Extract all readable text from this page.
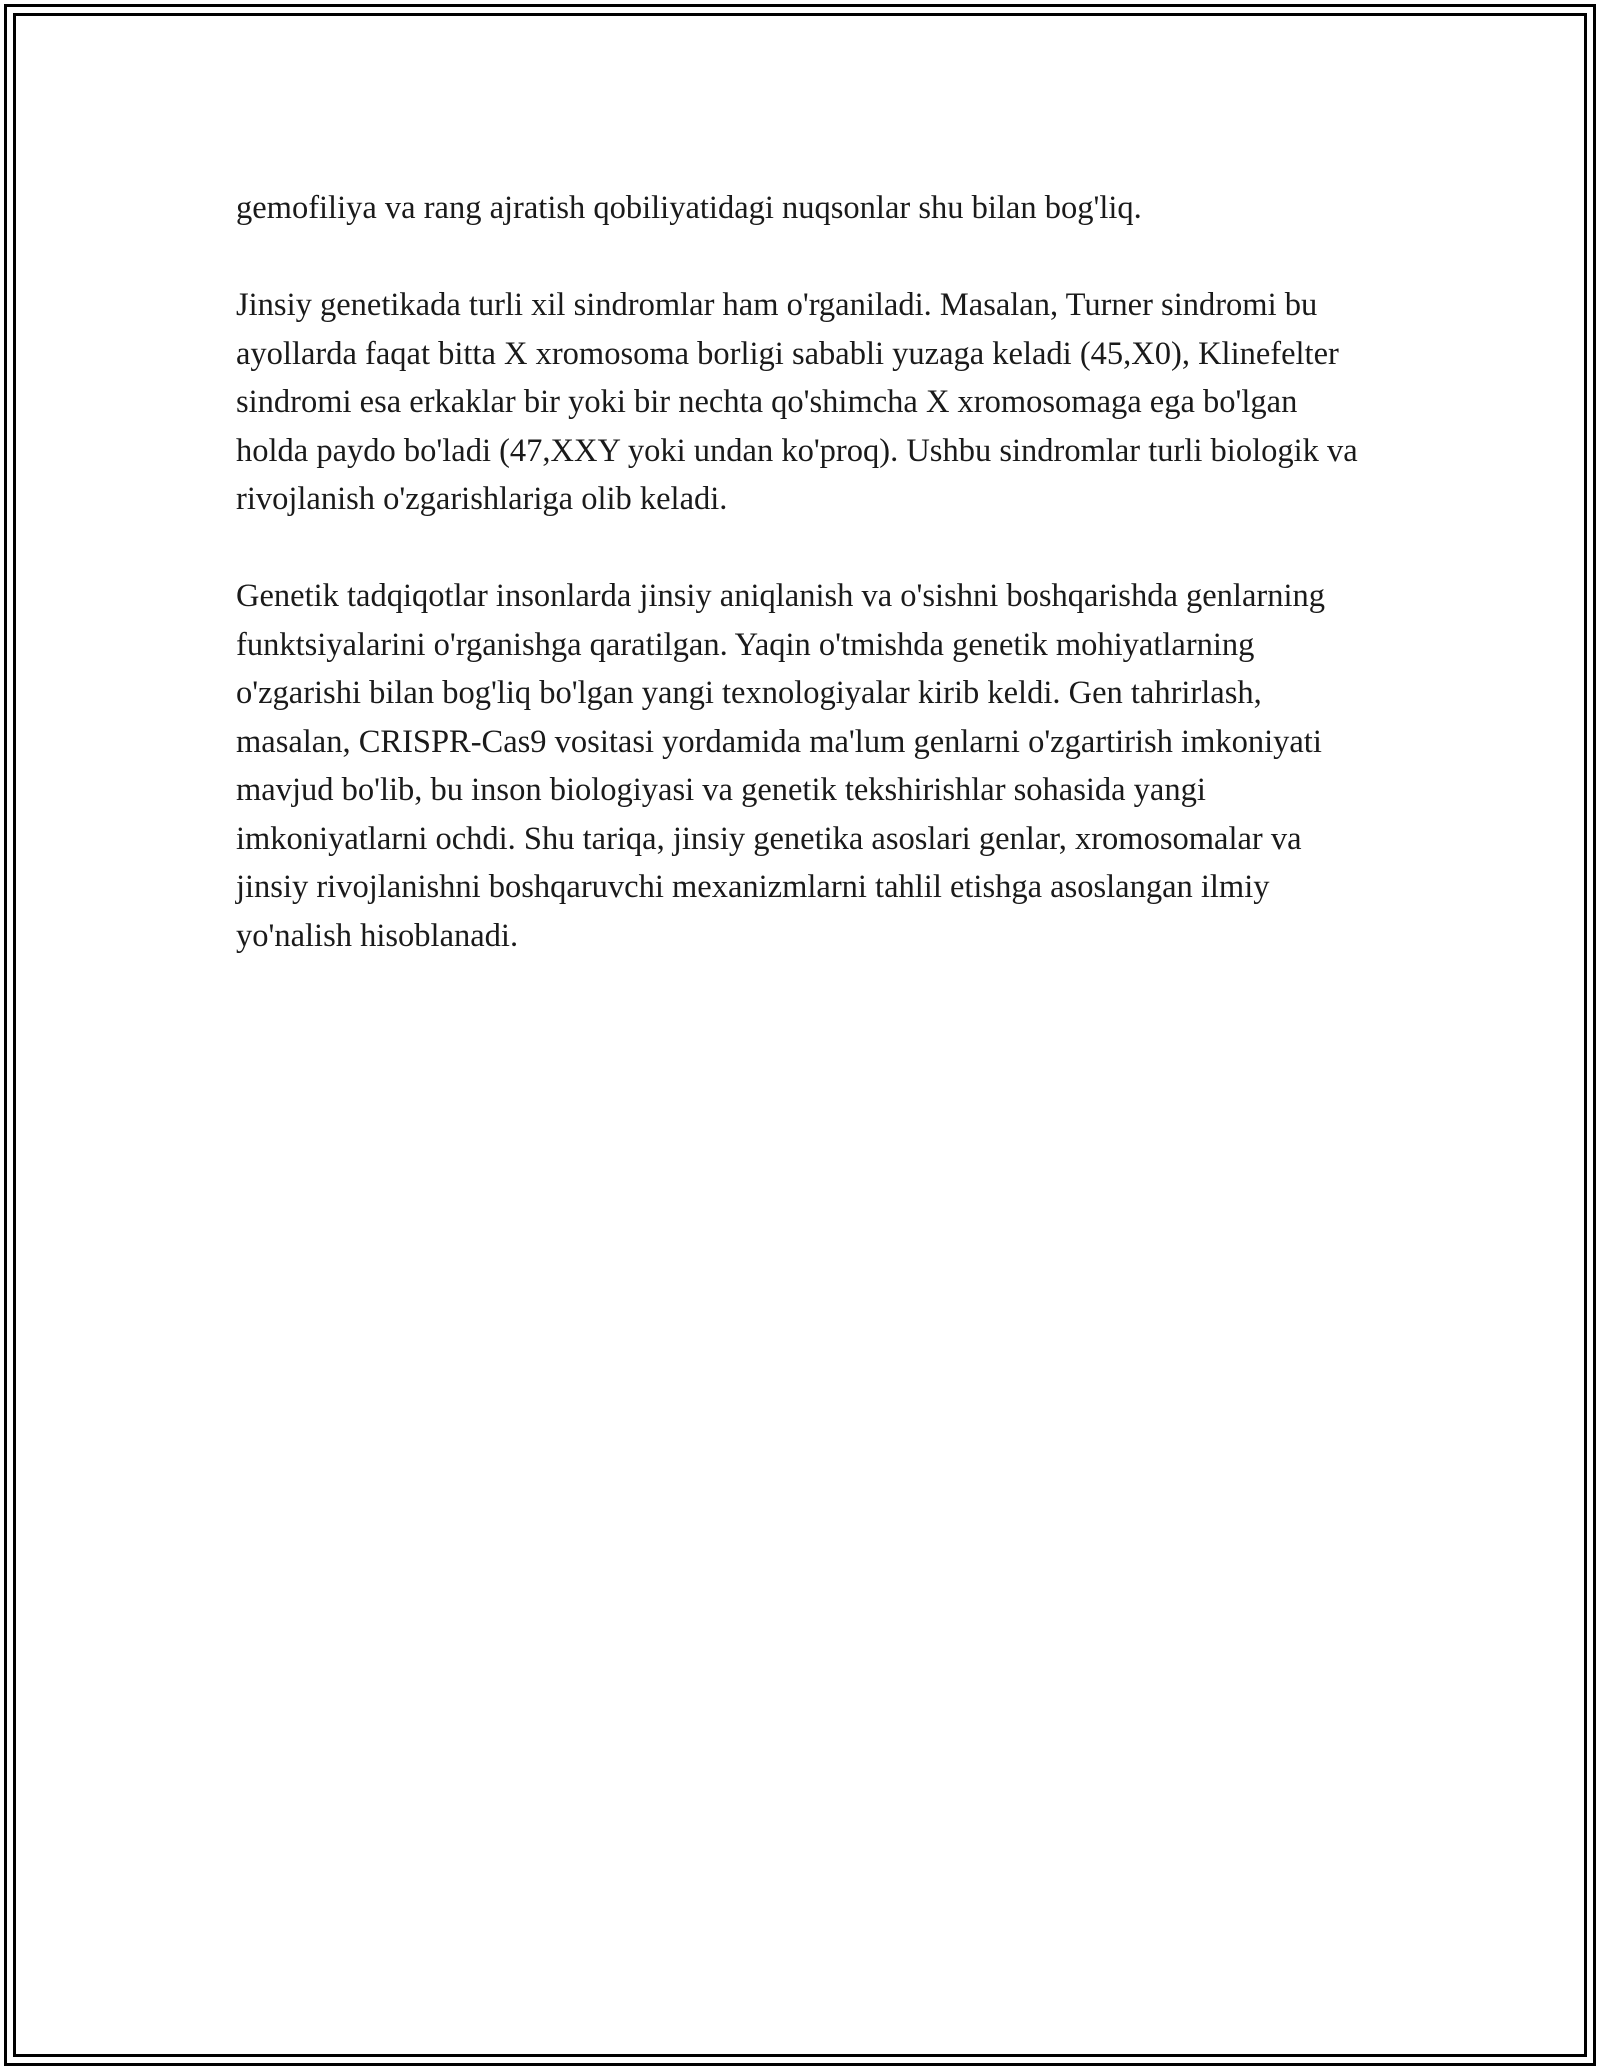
gemofiliya va rang ajratish qobiliyatidagi nuqsonlar shu bilan bog'liq.

Jinsiy genetikada turli xil sindromlar ham o'rganiladi. Masalan, Turner sindromi bu ayollarda faqat bitta X xromosoma borligi sababli yuzaga keladi (45,X0), Klinefelter sindromi esa erkaklar bir yoki bir nechta qo'shimcha X xromosomaga ega bo'lgan holda paydo bo'ladi (47,XXY yoki undan ko'proq). Ushbu sindromlar turli biologik va rivojlanish o'zgarishlariga olib keladi.

Genetik tadqiqotlar insonlarda jinsiy aniqlanish va o'sishni boshqarishda genlarning funktsiyalarini o'rganishga qaratilgan. Yaqin o'tmishda genetik mohiyatlarning o'zgarishi bilan bog'liq bo'lgan yangi texnologiyalar kirib keldi. Gen tahrirlash, masalan, CRISPR-Cas9 vositasi yordamida ma'lum genlarni o'zgartirish imkoniyati mavjud bo'lib, bu inson biologiyasi va genetik tekshirishlar sohasida yangi imkoniyatlarni ochdi. Shu tariqa, jinsiy genetika asoslari genlar, xromosomalar va jinsiy rivojlanishni boshqaruvchi mexanizmlarni tahlil etishga asoslangan ilmiy yo'nalish hisoblanadi.
